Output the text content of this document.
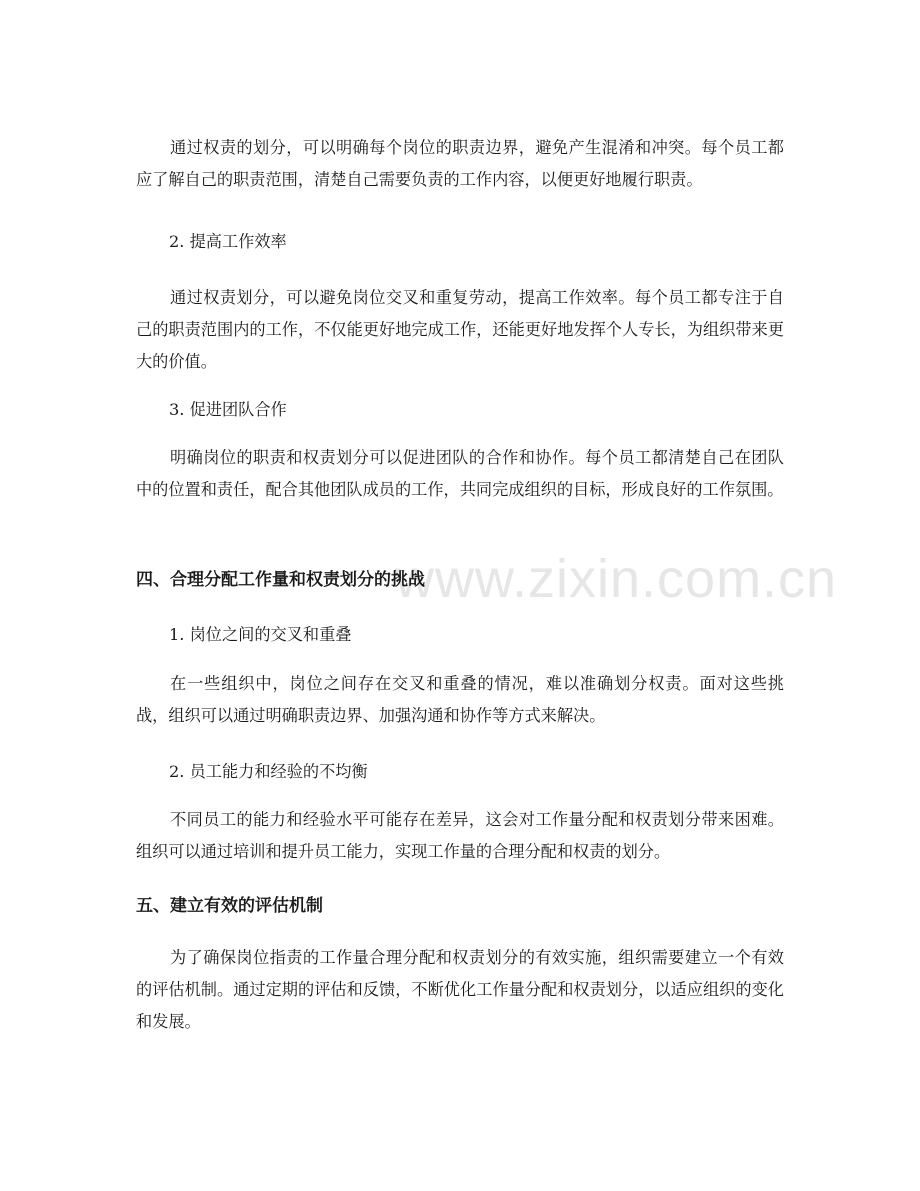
www.zixin.com.cn

通过权责的划分，可以明确每个岗位的职责边界，避免产生混淆和冲突。每个员工都应了解自己的职责范围，清楚自己需要负责的工作内容，以便更好地履行职责。

2. 提高工作效率

通过权责划分，可以避免岗位交叉和重复劳动，提高工作效率。每个员工都专注于自己的职责范围内的工作，不仅能更好地完成工作，还能更好地发挥个人专长，为组织带来更大的价值。

3. 促进团队合作

明确岗位的职责和权责划分可以促进团队的合作和协作。每个员工都清楚自己在团队中的位置和责任，配合其他团队成员的工作，共同完成组织的目标，形成良好的工作氛围。

四、合理分配工作量和权责划分的挑战

1. 岗位之间的交叉和重叠

在一些组织中，岗位之间存在交叉和重叠的情况，难以准确划分权责。面对这些挑战，组织可以通过明确职责边界、加强沟通和协作等方式来解决。

2. 员工能力和经验的不均衡

不同员工的能力和经验水平可能存在差异，这会对工作量分配和权责划分带来困难。组织可以通过培训和提升员工能力，实现工作量的合理分配和权责的划分。

五、建立有效的评估机制

为了确保岗位指责的工作量合理分配和权责划分的有效实施，组织需要建立一个有效的评估机制。通过定期的评估和反馈，不断优化工作量分配和权责划分，以适应组织的变化和发展。
